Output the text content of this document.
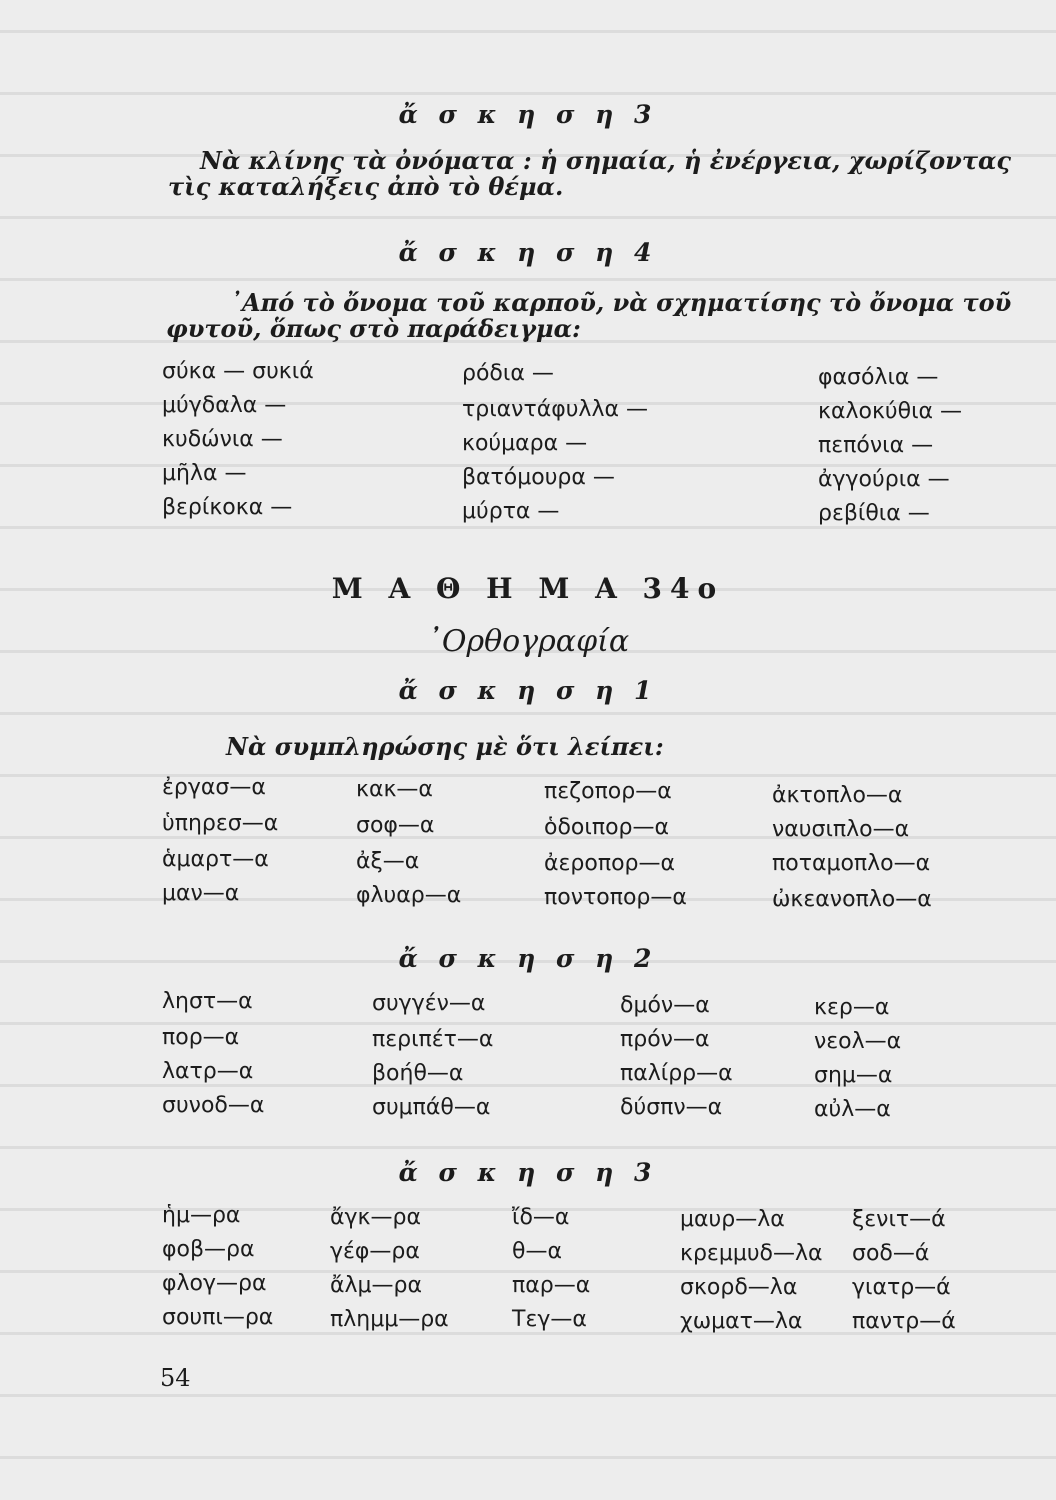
ἄ σ κ η σ η 3
Νὰ κλίνης τὰ ὀνόματα : ἡ σημαία, ἡ ἐνέργεια, χωρίζοντας
τὶς καταλήξεις ἀπὸ τὸ θέμα.
ἄ σ κ η σ η 4
᾿Από τὸ ὄνομα τοῦ καρποῦ, νὰ σχηματίσης τὸ ὄνομα τοῦ
φυτοῦ, ὅπως στὸ παράδειγμα:
σύκα — συκιά
μύγδαλα —
κυδώνια —
μῆλα —
βερίκοκα —
ρόδια —
τριαντάφυλλα —
κούμαρα —
βατόμουρα —
μύρτα —
φασόλια —
καλοκύθια —
πεπόνια —
ἀγγούρια —
ρεβίθια —
Μ Α Θ Η Μ Α 34ο
᾿Ορθογραφία
ἄ σ κ η σ η 1
Νὰ συμπληρώσης μὲ ὅτι λείπει:
ἐργασ—α
ὑπηρεσ—α
ἁμαρτ—α
μαν—α
κακ—α
σοφ—α
ἀξ—α
φλυαρ—α
πεζοπορ—α
ὁδοιπορ—α
ἀεροπορ—α
ποντοπορ—α
ἀκτοπλο—α
ναυσιπλο—α
ποταμοπλο—α
ὠκεανοπλο—α
ἄ σ κ η σ η 2
ληστ—α
πορ—α
λατρ—α
συνοδ—α
συγγέν—α
περιπέτ—α
βοήθ—α
συμπάθ—α
δμόν—α
πρόν—α
παλίρρ—α
δύσπν—α
κερ—α
νεολ—α
σημ—α
αὐλ—α
ἄ σ κ η σ η 3
ἡμ—ρα
φοβ—ρα
φλογ—ρα
σουπι—ρα
ἄγκ—ρα
γέφ—ρα
ἄλμ—ρα
πλημμ—ρα
ἴδ—α
θ—α
παρ—α
Τεγ—α
μαυρ—λα
κρεμμυδ—λα
σκορδ—λα
χωματ—λα
ξενιτ—ά
σοδ—ά
γιατρ—ά
παντρ—ά
54
